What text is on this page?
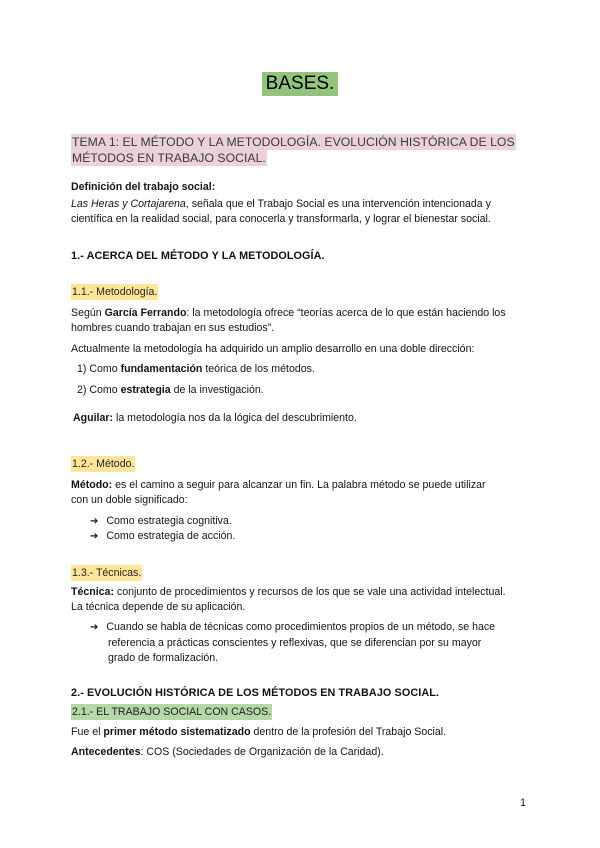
BASES.
TEMA 1: EL MÉTODO Y LA METODOLOGÍA. EVOLUCIÓN HISTÓRICA DE LOS
MÉTODOS EN TRABAJO SOCIAL.
Definición del trabajo social:
Las Heras y Cortajarena, señala que el Trabajo Social es una intervención intencionada y
científica en la realidad social, para conocerla y transformarla, y lograr el bienestar social.
1.- ACERCA DEL MÉTODO Y LA METODOLOGÍA.
1.1.- Metodología.
Según García Ferrando: la metodología ofrece “teorías acerca de lo que están haciendo los
hombres cuando trabajan en sus estudios”.
Actualmente la metodología ha adquirido un amplio desarrollo en una doble dirección:
1) Como fundamentación teórica de los métodos.
2) Como estrategia de la investigación.
Aguilar: la metodología nos da la lógica del descubrimiento.
1.2.- Método.
Método: es el camino a seguir para alcanzar un fin. La palabra método se puede utilizar
con un doble significado:
➔ Como estrategia cognitiva.
➔ Como estrategia de acción.
1.3.- Técnicas.
Técnica: conjunto de procedimientos y recursos de los que se vale una actividad intelectual.
La técnica depende de su aplicación.
➔ Cuando se habla de técnicas como procedimientos propios de un método, se hace
referencia a prácticas conscientes y reflexivas, que se diferencian por su mayor
grado de formalización.
2.- EVOLUCIÓN HISTÓRICA DE LOS MÉTODOS EN TRABAJO SOCIAL.
2.1.- EL TRABAJO SOCIAL CON CASOS.
Fue el primer método sistematizado dentro de la profesión del Trabajo Social.
Antecedentes: COS (Sociedades de Organización de la Caridad).
1
